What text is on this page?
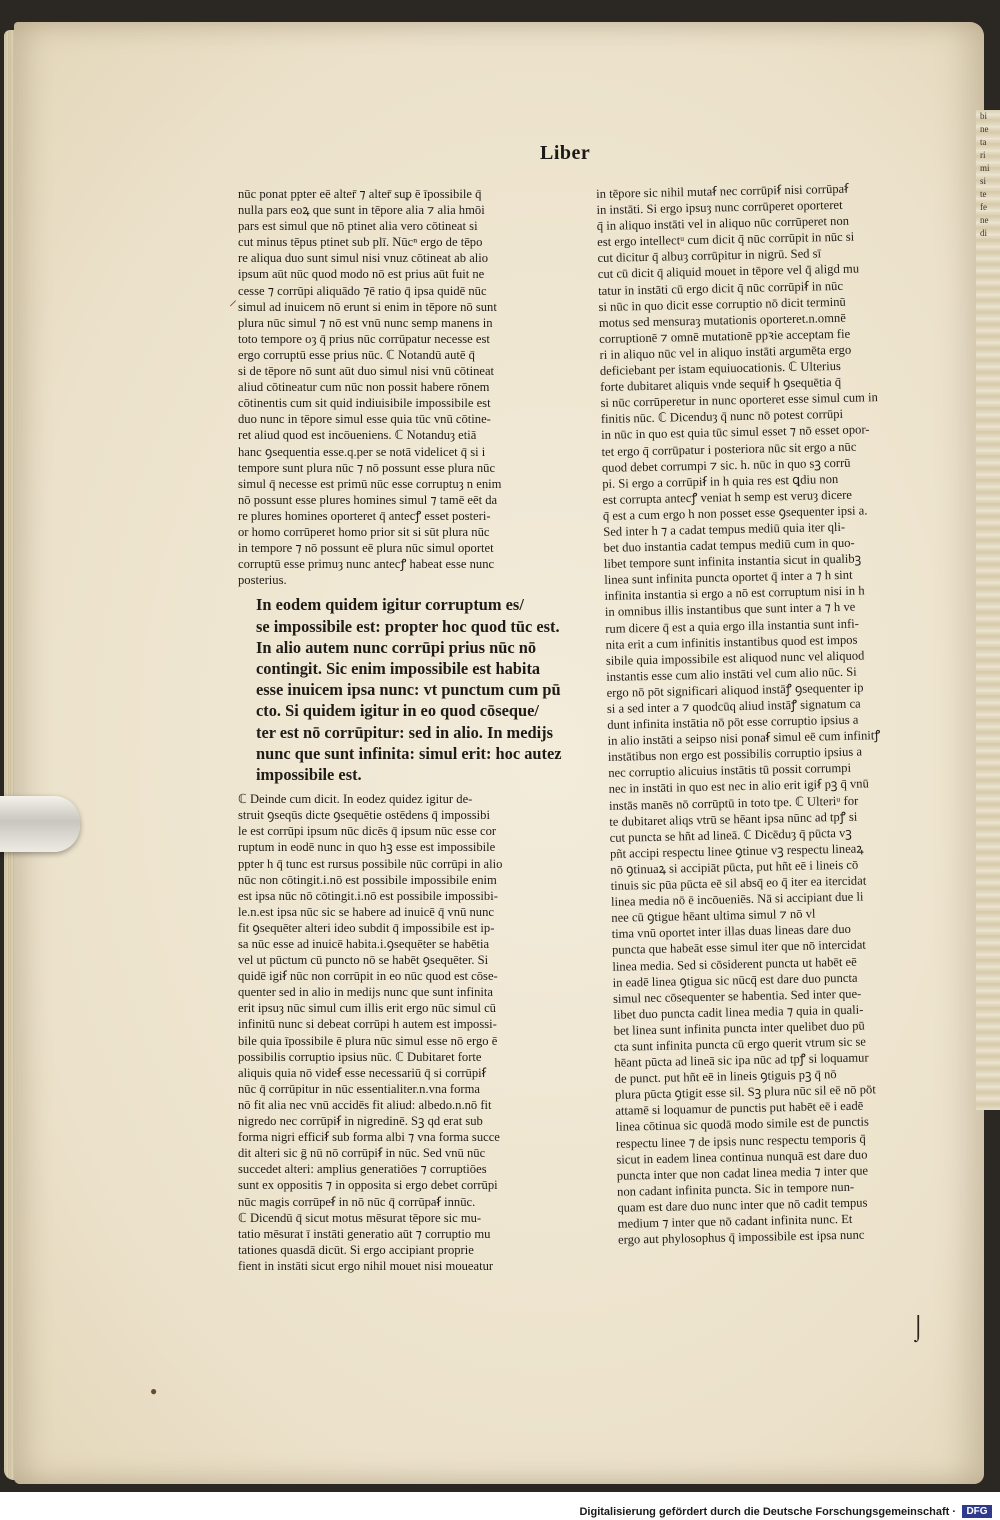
bi
ne
ta
ri
mi
si
te
fe
ne
di
Liber
nūc ponat ppter eē alter̄ ⁊ alter̄ suᵱ ē īpossibile q̄
nulla pars eoꝝ que sunt in tēpore alia ⁊ alia hmōi
pars est simul que nō ptinet alia vero cōtineat si
cut minus tēpus ptinet sub plī. Nūcⁿ ergo de tēpo
re aliqua duo sunt simul nisi vnuz cōtineat ab alio
ipsum aūt nūc quod modo nō est prius aūt fuit ne
cesse ⁊ corrūpi aliquādo ⁊ē ratio q̄ ipsa quidē nūc
simul ad inuicem nō erunt si enim in tēpore nō sunt
plura nūc simul ⁊ nō est vnū nunc semp manens in
toto tempore oȝ q̄ prius nūc corrūpatur necesse est
ergo corruptū esse prius nūc. ℂ Notandū autē q̄
si de tēpore nō sunt aūt duo simul nisi vnū cōtineat
aliud cōtineatur cum nūc non possit habere rōnem
cōtinentis cum sit quid indiuisibile impossibile est
duo nunc in tēpore simul esse quia tūc vnū cōtine-
ret aliud quod est incōueniens. ℂ Notanduȝ etiā
hanc ꝯsequentia esse.q.per se notā videlicet q̄ si i
tempore sunt plura nūc ⁊ nō possunt esse plura nūc
simul q̄ necesse est primū nūc esse corruptuȝ n enim
nō possunt esse plures homines simul ⁊ tamē eēt da
re plures homines oporteret q̄ antecꝭ esset posteri-
or homo corrūperet homo prior sit si sūt plura nūc
in tempore ⁊ nō possunt eē plura nūc simul oportet
corruptū esse primuȝ nunc antecꝭ habeat esse nunc
posterius.
In eodem quidem igitur corruptum es/
se impossibile est: propter hoc quod tūc est.
In alio autem nunc corrūpi prius nūc nō
contingit. Sic enim impossibile est habita
esse inuicem ipsa nunc: vt punctum cum pū
cto. Si quidem igitur in eo quod cōseque/
ter est nō corrūpitur: sed in alio. In medijs
nunc que sunt infinita: simul erit: hoc autez
impossibile est.
ℂ Deinde cum dicit. In eodez quidez igitur de-
struit ꝯseqūs dicte ꝯsequētie ostēdens q̄ impossibi
le est corrūpi ipsum nūc dicēs q̄ ipsum nūc esse cor
ruptum in eodē nunc in quo hꝫ esse est impossibile
ppter h q̄ tunc est rursus possibile nūc corrūpi in alio
nūc non cōtingit.i.nō est possibile impossibile enim
est ipsa nūc nō cōtingit.i.nō est possibile impossibi-
le.n.est ipsa nūc sic se habere ad inuicē q̄ vnū nunc
fit ꝯsequēter alteri ideo subdit q̄ impossibile est ip-
sa nūc esse ad inuicē habita.i.ꝯsequēter se habētia
vel ut pūctum cū puncto nō se habēt ꝯsequēter. Si
quidē igiẜ nūc non corrūpit in eo nūc quod est cōse-
quenter sed in alio in medijs nunc que sunt infinita
erit ipsuȝ nūc simul cum illis erit ergo nūc simul cū
infinitū nunc si debeat corrūpi h autem est impossi-
bile quia īpossibile ē plura nūc simul esse nō ergo ē
possibilis corruptio ipsius nūc. ℂ Dubitaret forte
aliquis quia nō videẜ esse necessariū q̄ si corrūpiẜ
nūc q̄ corrūpitur in nūc essentialiter.n.vna forma
nō fit alia nec vnū accidēs fit aliud: albedo.n.nō fit
nigredo nec corrūpiẜ in nigredinē. Sꝫ qd erat sub
forma nigri efficiẜ sub forma albi ⁊ vna forma succe
dit alteri sic ḡ nū nō corrūpiẜ in nūc. Sed vnū nūc
succedet alteri: amplius generatiōes ⁊ corruptiōes
sunt ex oppositis ⁊ in opposita si ergo debet corrūpi
nūc magis corrūpeẜ in nō nūc q̄ corrūpaẜ innūc.
ℂ Dicendū q̄ sicut motus mēsurat tēpore sic mu-
tatio mēsurat ī instāti generatio aūt ⁊ corruptio mu
tationes quasdā dicūt. Si ergo accipiant proprie
fient in instāti sicut ergo nihil mouet nisi moueatur
in tēpore sic nihil mutaẜ nec corrūpiẜ nisi corrūpaẜ
in instāti. Si ergo ipsuȝ nunc corrūperet oporteret
q̄ in aliquo instāti vel in aliquo nūc corrūperet non
est ergo intellectᵘ cum dicit q̄ nūc corrūpit in nūc si
cut dicitur q̄ albuȝ corrūpitur in nigrū. Sed sī
cut cū dicit q̄ aliquid mouet in tēpore vel q̄ aligd mu
tatur in instāti cū ergo dicit q̄ nūc corrūpiẜ in nūc
si nūc in quo dicit esse corruptio nō dicit terminū
motus sed mensuraȝ mutationis oporteret.n.omnē
corruptionē ⁊ omnē mutationē ppꝛie acceptam fie
ri in aliquo nūc vel in aliquo instāti argumēta ergo
deficiebant per istam equiuocationis. ℂ Ulterius
forte dubitaret aliquis vnde sequiẜ h ꝯsequētia q̄
si nūc corrūperetur in nunc oporteret esse simul cum in
finitis nūc. ℂ Dicenduȝ q̄ nunc nō potest corrūpi
in nūc in quo est quia tūc simul esset ⁊ nō esset opor-
tet ergo q̄ corrūpatur i posteriora nūc sit ergo a nūc
quod debet corrumpi ⁊ sic. h. nūc in quo sꝫ corrū
pi. Si ergo a corrūpiẜ in h quia res est ꝗdiu non
est corrupta antecꝭ veniat h semp est veruȝ dicere
q̄ est a cum ergo h non posset esse ꝯsequenter ipsi a.
Sed inter h ⁊ a cadat tempus mediū quia iter qli-
bet duo instantia cadat tempus mediū cum in quo-
libet tempore sunt infinita instantia sicut in qualibꝫ
linea sunt infinita puncta oportet q̄ inter a ⁊ h sint
infinita instantia si ergo a nō est corruptum nisi in h
in omnibus illis instantibus que sunt inter a ⁊ h ve
rum dicere q̄ est a quia ergo illa instantia sunt infi-
nita erit a cum infinitis instantibus quod est impos
sibile quia impossibile est aliquod nunc vel aliquod
instantis esse cum alio instāti vel cum alio nūc. Si
ergo nō pōt significari aliquod instāꝭ ꝯsequenter ip
si a sed inter a ⁊ quodcūq aliud instāꝭ signatum ca
dunt infinita instātia nō pōt esse corruptio ipsius a
in alio instāti a seipso nisi ponaẜ simul eē cum infinitꝭ
instātibus non ergo est possibilis corruptio ipsius a
nec corruptio alicuius instātis tū possit corrumpi
nec in instāti in quo est nec in alio erit igiẜ pꝫ q̄ vnū
instās manēs nō corrūptū in toto tpe. ℂ Ulteriᵘ for
te dubitaret aliqs vtrū se hēant ipsa nūnc ad tpꝭ si
cut puncta se hñt ad lineā. ℂ Dicēduȝ q̄ pūcta vꝫ
pñt accipi respectu linee ꝯtinue vꝫ respectu lineaꝝ
nō ꝯtinuaꝝ si accipiāt pūcta, put hñt eē i lineis cō
tinuis sic pūa pūcta eē sil absq̄ eo q̄ iter ea itercidat
linea media nō ē incōueniēs. Nā si accipiant due li
nee cū ꝯtigue hēant ultima simul ⁊ nō vl
tima vnū oportet inter illas duas lineas dare duo
puncta que habeāt esse simul iter que nō intercidat
linea media. Sed si cōsiderent puncta ut habēt eē
in eadē linea ꝯtigua sic nūcq̄ est dare duo puncta
simul nec cōsequenter se habentia. Sed inter que-
libet duo puncta cadit linea media ⁊ quia in quali-
bet linea sunt infinita puncta inter quelibet duo pū
cta sunt infinita puncta cū ergo querit vtrum sic se
hēant pūcta ad lineā sic ipa nūc ad tpꝭ si loquamur
de punct. put hñt eē in lineis ꝯtiguis pꝫ q̄ nō
plura pūcta ꝯtigit esse sil. Sꝫ plura nūc sil eē nō pōt
attamē si loquamur de punctis put habēt eē i eadē
linea cōtinua sic quodā modo simile est de punctis
respectu linee ⁊ de ipsis nunc respectu temporis q̄
sicut in eadem linea continua nunquā est dare duo
puncta inter que non cadat linea media ⁊ inter que
non cadant infinita puncta. Sic in tempore nun-
quam est dare duo nunc inter que nō cadit tempus
medium ⁊ inter que nō cadant infinita nunc. Et
ergo aut phylosophus q̄ impossibile est ipsa nunc
⸝
⌡
●
Digitalisierung gefördert durch die Deutsche Forschungsgemeinschaft ·	DFG
